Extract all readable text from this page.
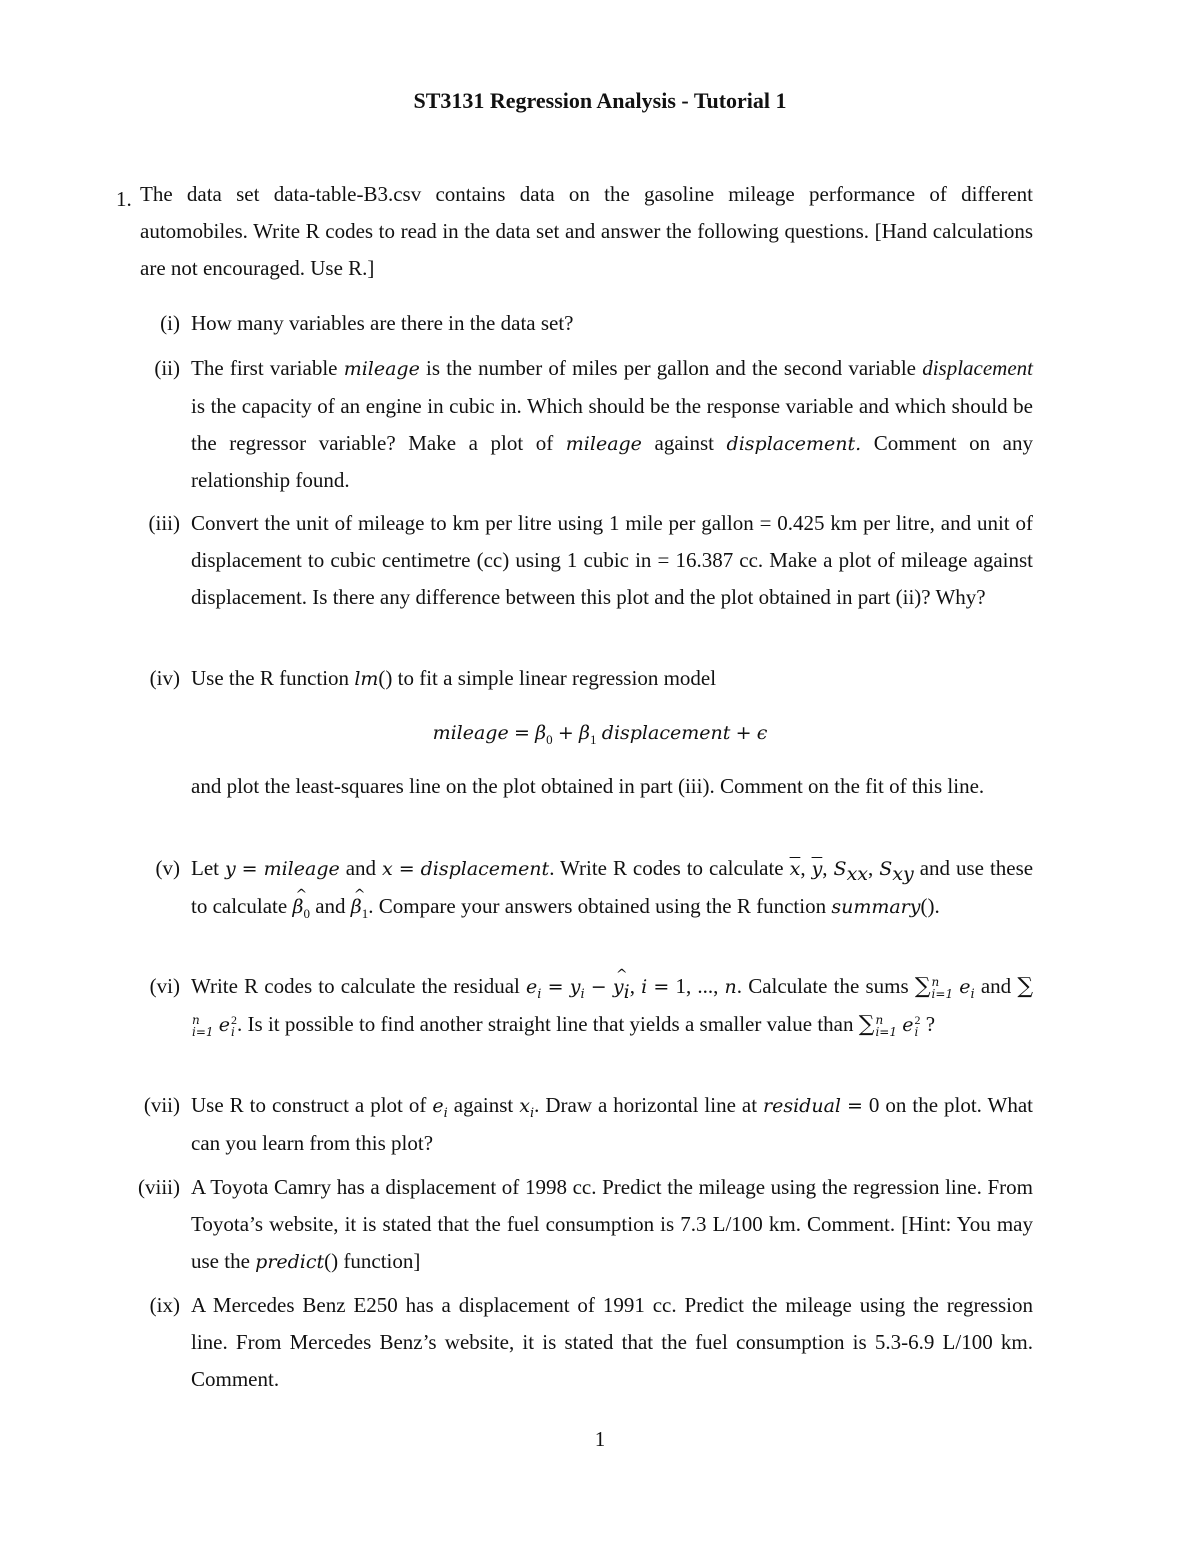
ST3131 Regression Analysis - Tutorial 1
1. The data set data-table-B3.csv contains data on the gasoline mileage performance of different automobiles. Write R codes to read in the data set and answer the following questions. [Hand calculations are not encouraged. Use R.]

(i) How many variables are there in the data set?

(ii) The first variable mileage is the number of miles per gallon and the second variable displacement is the capacity of an engine in cubic in. Which should be the response variable and which should be the regressor variable? Make a plot of mileage against displacement. Comment on any relationship found.

(iii) Convert the unit of mileage to km per litre using 1 mile per gallon = 0.425 km per litre, and unit of displacement to cubic centimetre (cc) using 1 cubic in = 16.387 cc. Make a plot of mileage against displacement. Is there any difference between this plot and the plot obtained in part (ii)? Why?

(iv) Use the R function lm() to fit a simple linear regression model

mileage = $\beta_0 + \beta_1$ displacement + ϵ

and plot the least-squares line on the plot obtained in part (iii). Comment on the fit of this line.

(v) Let y = mileage and x = displacement. Write R codes to calculate $\overline{x}$, $\overline{y}$, $S_{xx}$, $S_{xy}$ and use these to calculate ^ $\beta_0$ and ^ $\beta_1$. Compare your answers obtained using the R function summary().

(vi) Write R codes to calculate the residual $e_i = y_i$ − ^ $y_i$, i = 1, ..., n. Calculate the sums ∑ n
i=1 $e_i$ and ∑
n
i=1 e 2
i . Is it possible to find another straight line that yields a smaller value than ∑ n
i=1 e 2
i ?

(vii) Use R to construct a plot of $e_i$ against $x_i$. Draw a horizontal line at residual = 0 on the plot. What can you learn from this plot?

(viii) A Toyota Camry has a displacement of 1998 cc. Predict the mileage using the regression line. From Toyota’s website, it is stated that the fuel consumption is 7.3 L/100 km. Comment. [Hint: You may use the predict() function]

(ix) A Mercedes Benz E250 has a displacement of 1991 cc. Predict the mileage using the regression line. From Mercedes Benz’s website, it is stated that the fuel consumption is 5.3-6.9 L/100 km. Comment.

1
